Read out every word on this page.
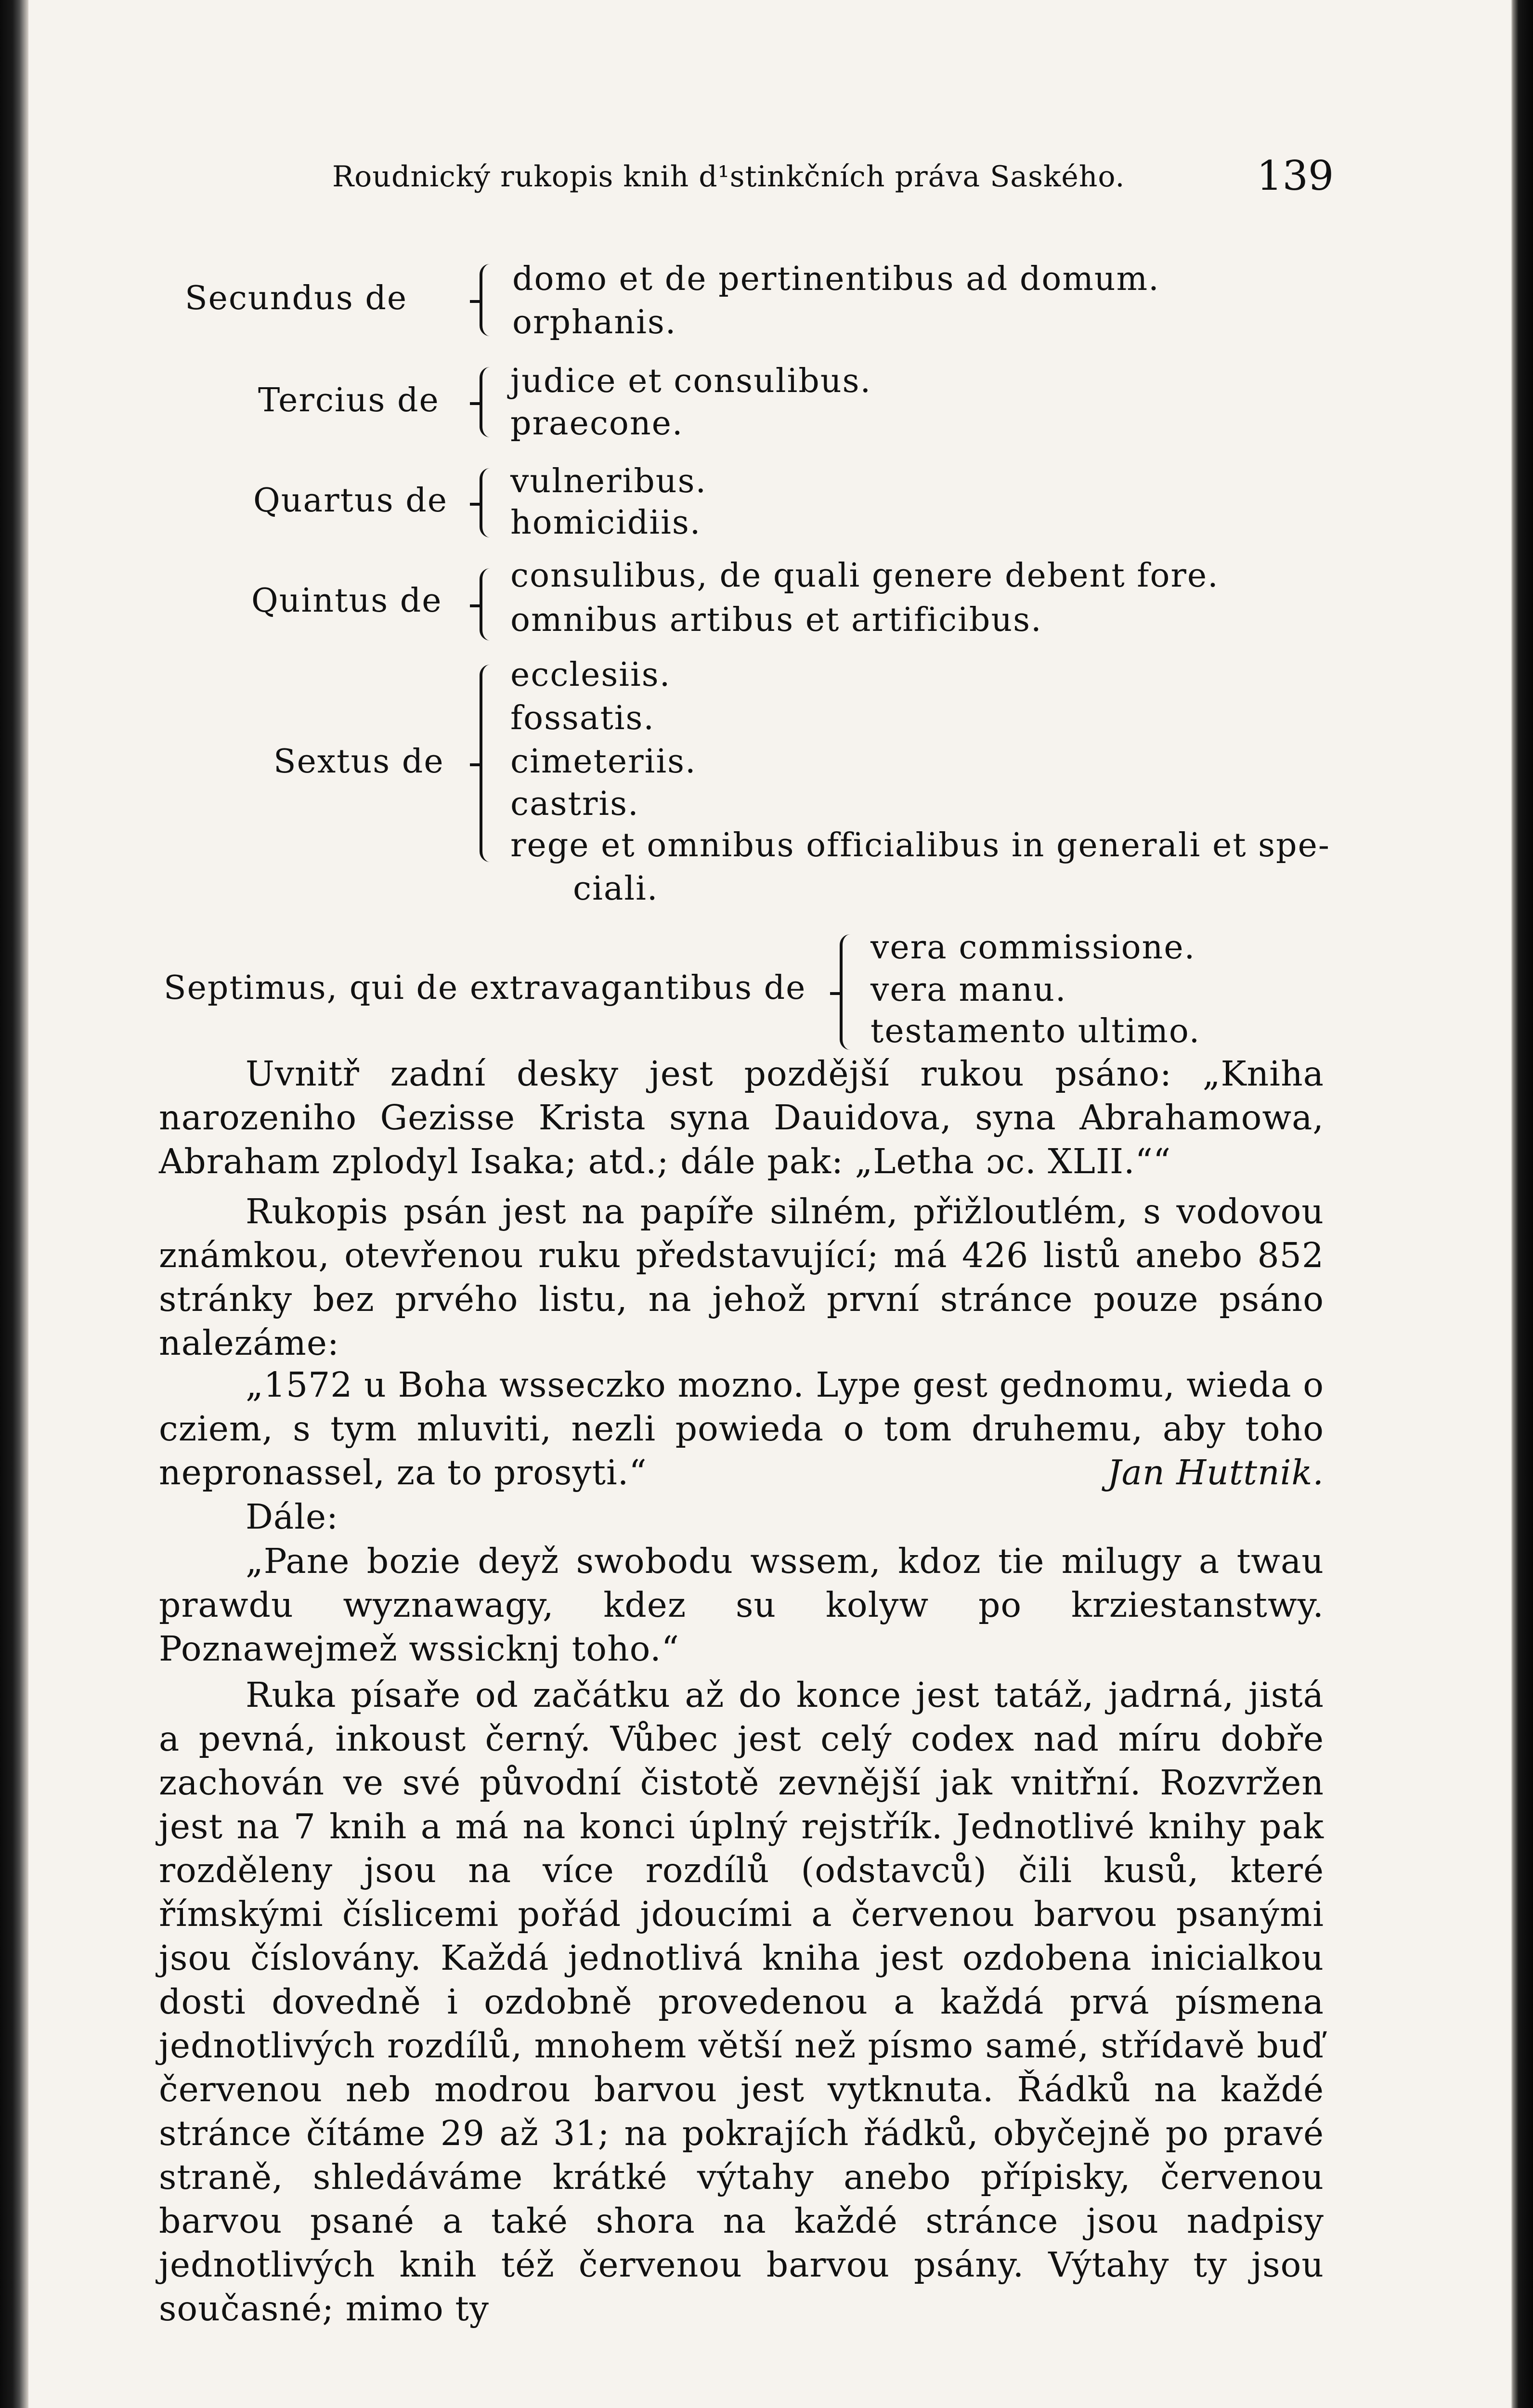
Roudnický rukopis knih d¹stinkčních práva Saského.	139
Secundus de
domo et de pertinentibus ad domum.
orphanis.
Tercius de
judice et consulibus.
praecone.
Quartus de
vulneribus.
homicidiis.
Quintus de
consulibus, de quali genere debent fore.
omnibus artibus et artificibus.
Sextus de
ecclesiis.
fossatis.
cimeteriis.
castris.
rege et omnibus officialibus in generali et spe-
ciali.
Septimus, qui de extravagantibus de
vera commissione.
vera manu.
testamento ultimo.
Uvnitř zadní desky jest pozdější rukou psáno: „Kniha narozeniho Gezisse Krista syna Dauidova, syna Abrahamowa, Abraham zplodyl Isaka; atd.; dále pak: „Letha ɔc. XLII.““
Rukopis psán jest na papíře silném, přižloutlém, s vodovou známkou, otevřenou ruku představující; má 426 listů anebo 852 stránky bez prvého listu, na jehož první stránce pouze psáno nalezáme:
„1572 u Boha wsseczko mozno. Lype gest gednomu, wieda o cziem, s tym mluviti, nezli powieda o tom druhemu, aby toho nepronassel, za to prosyti.“	Jan Huttnik.
Dále:
„Pane bozie deyž swobodu wssem, kdoz tie milugy a twau prawdu wyznawagy, kdez su kolyw po krziestanstwy. Poznawejmež wssicknj toho.“
Ruka písaře od začátku až do konce jest tatáž, jadrná, jistá a pevná, inkoust černý. Vůbec jest celý codex nad míru dobře zachován ve své původní čistotě zevnější jak vnitřní. Rozvržen jest na 7 knih a má na konci úplný rejstřík. Jednotlivé knihy pak rozděleny jsou na více rozdílů (odstavců) čili kusů, které římskými číslicemi pořád jdoucími a červenou barvou psanými jsou číslovány. Každá jednotlivá kniha jest ozdobena inicialkou dosti dovedně i ozdobně provedenou a každá prvá písmena jednotlivých rozdílů, mnohem větší než písmo samé, střídavě buď červenou neb modrou barvou jest vytknuta. Řádků na každé stránce čítáme 29 až 31; na pokrajích řádků, obyčejně po pravé straně, shledáváme krátké výtahy anebo přípisky, červenou barvou psané a také shora na každé stránce jsou nadpisy jednotlivých knih též červenou barvou psány. Výtahy ty jsou současné; mimo ty
